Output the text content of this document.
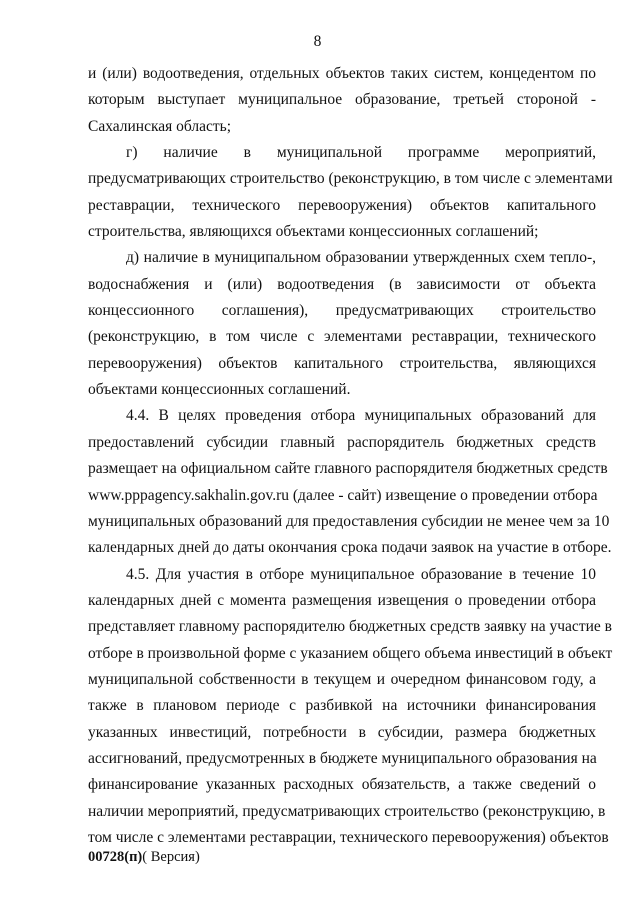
8
и (или) водоотведения, отдельных объектов таких систем, концедентом по
которым выступает муниципальное образование, третьей стороной -
Сахалинская область;
г) наличие в муниципальной программе мероприятий,
предусматривающих строительство (реконструкцию, в том числе с элементами
реставрации, технического перевооружения) объектов капитального
строительства, являющихся объектами концессионных соглашений;
д) наличие в муниципальном образовании утвержденных схем тепло-,
водоснабжения и (или) водоотведения (в зависимости от объекта
концессионного соглашения), предусматривающих строительство
(реконструкцию, в том числе с элементами реставрации, технического
перевооружения) объектов капитального строительства, являющихся
объектами концессионных соглашений.
4.4. В целях проведения отбора муниципальных образований для
предоставлений субсидии главный распорядитель бюджетных средств
размещает на официальном сайте главного распорядителя бюджетных средств
www.pppagency.sakhalin.gov.ru (далее - сайт) извещение о проведении отбора
муниципальных образований для предоставления субсидии не менее чем за 10
календарных дней до даты окончания срока подачи заявок на участие в отборе.
4.5. Для участия в отборе муниципальное образование в течение 10
календарных дней с момента размещения извещения о проведении отбора
представляет главному распорядителю бюджетных средств заявку на участие в
отборе в произвольной форме с указанием общего объема инвестиций в объект
муниципальной собственности в текущем и очередном финансовом году, а
также в плановом периоде с разбивкой на источники финансирования
указанных инвестиций, потребности в субсидии, размера бюджетных
ассигнований, предусмотренных в бюджете муниципального образования на
финансирование указанных расходных обязательств, а также сведений о
наличии мероприятий, предусматривающих строительство (реконструкцию, в
том числе с элементами реставрации, технического перевооружения) объектов
00728(п)( Версия)
